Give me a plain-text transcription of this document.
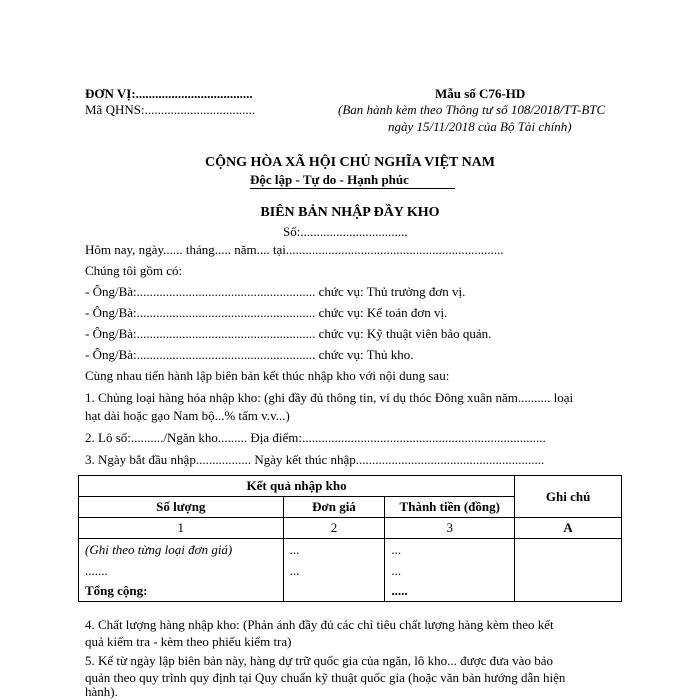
ĐƠN VỊ:....................................
Mã QHNS:..................................
Mẫu số C76-HD
(Ban hành kèm theo Thông tư số 108/2018/TT-BTC
ngày 15/11/2018 của Bộ Tài chính)
CỘNG HÒA XÃ HỘI CHỦ NGHĨA VIỆT NAM
Độc lập - Tự do - Hạnh phúc
BIÊN BẢN NHẬP ĐẦY KHO
Số:.................................
Hôm nay, ngày...... tháng..... năm.... tại...................................................................
Chúng tôi gồm có:
- Ông/Bà:....................................................... chức vụ: Thủ trưởng đơn vị.
- Ông/Bà:....................................................... chức vụ: Kế toán đơn vị.
- Ông/Bà:....................................................... chức vụ: Kỹ thuật viên bảo quản.
- Ông/Bà:....................................................... chức vụ: Thủ kho.
Cùng nhau tiến hành lập biên bản kết thúc nhập kho với nội dung sau:
1. Chủng loại hàng hóa nhập kho: (ghi đầy đủ thông tin, ví dụ thóc Đông xuân năm.......... loại
hạt dài hoặc gạo Nam bộ...% tấm v.v...)
2. Lô số:........../Ngăn kho......... Địa điểm:...........................................................................
3. Ngày bắt đầu nhập................. Ngày kết thúc nhập..........................................................
Kết quả nhập kho			Ghi chú
Số lượng	Đơn giá	Thành tiền (đồng)	
1	2	3	A
(Ghi theo từng loại đơn giá)	...	...	
.......	...	...	
Tổng cộng:		.....	
4. Chất lượng hàng nhập kho: (Phản ánh đầy đủ các chỉ tiêu chất lượng hàng kèm theo kết
quả kiểm tra - kèm theo phiếu kiểm tra)
5. Kể từ ngày lập biên bản này, hàng dự trữ quốc gia của ngăn, lô kho... được đưa vào bảo
quản theo quy trình quy định tại Quy chuẩn kỹ thuật quốc gia (hoặc văn bản hướng dẫn hiện
hành).
